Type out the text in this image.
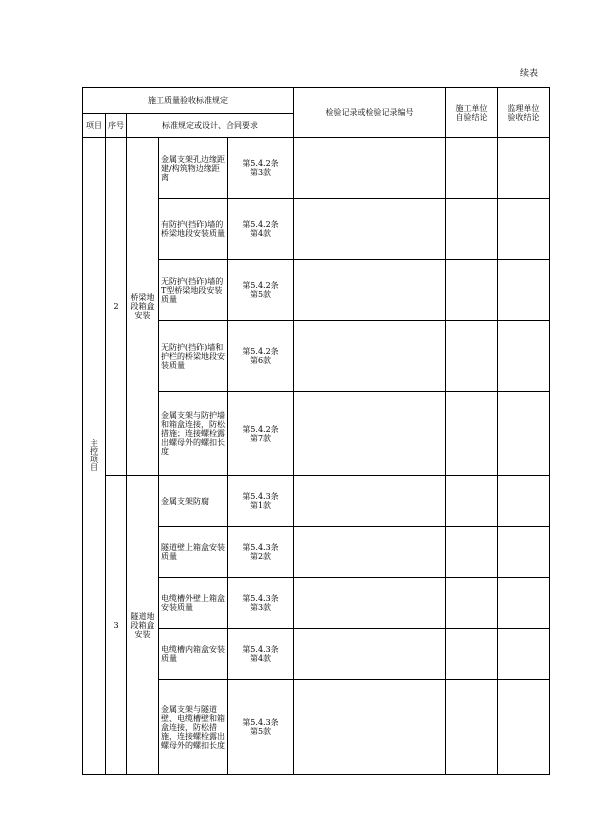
续表
施工质量验收标准规定					检验记录或检验记录编号	施工单位
自验结论	监理单位
验收结论
项目	序号	标准规定或设计、合同要求					
主控项目	2	桥梁地段箱盒安装	金属支架孔边缘距建/构筑物边缘距离	第5.4.2条
第3款			
			有防护(挡砟)墙的桥梁地段安装质量	第5.4.2条
第4款			
			无防护(挡砟)墙的T型桥梁地段安装质量	第5.4.2条
第5款			
			无防护(挡砟)墙和护栏的桥梁地段安装质量	第5.4.2条
第6款			
			金属支架与防护墙和箱盒连接，防松措施；连接螺栓露出螺母外的螺扣长度	第5.4.2条
第7款			
	3	隧道地段箱盒安装	金属支架防腐	第5.4.3条
第1款			
			隧道壁上箱盒安装质量	第5.4.3条
第2款			
			电缆槽外壁上箱盒安装质量	第5.4.3条
第3款			
			电缆槽内箱盒安装质量	第5.4.3条
第4款			
			金属支架与隧道壁、电缆槽壁和箱盒连接，防松措施，连接螺栓露出螺母外的螺扣长度	第5.4.3条
第5款			
